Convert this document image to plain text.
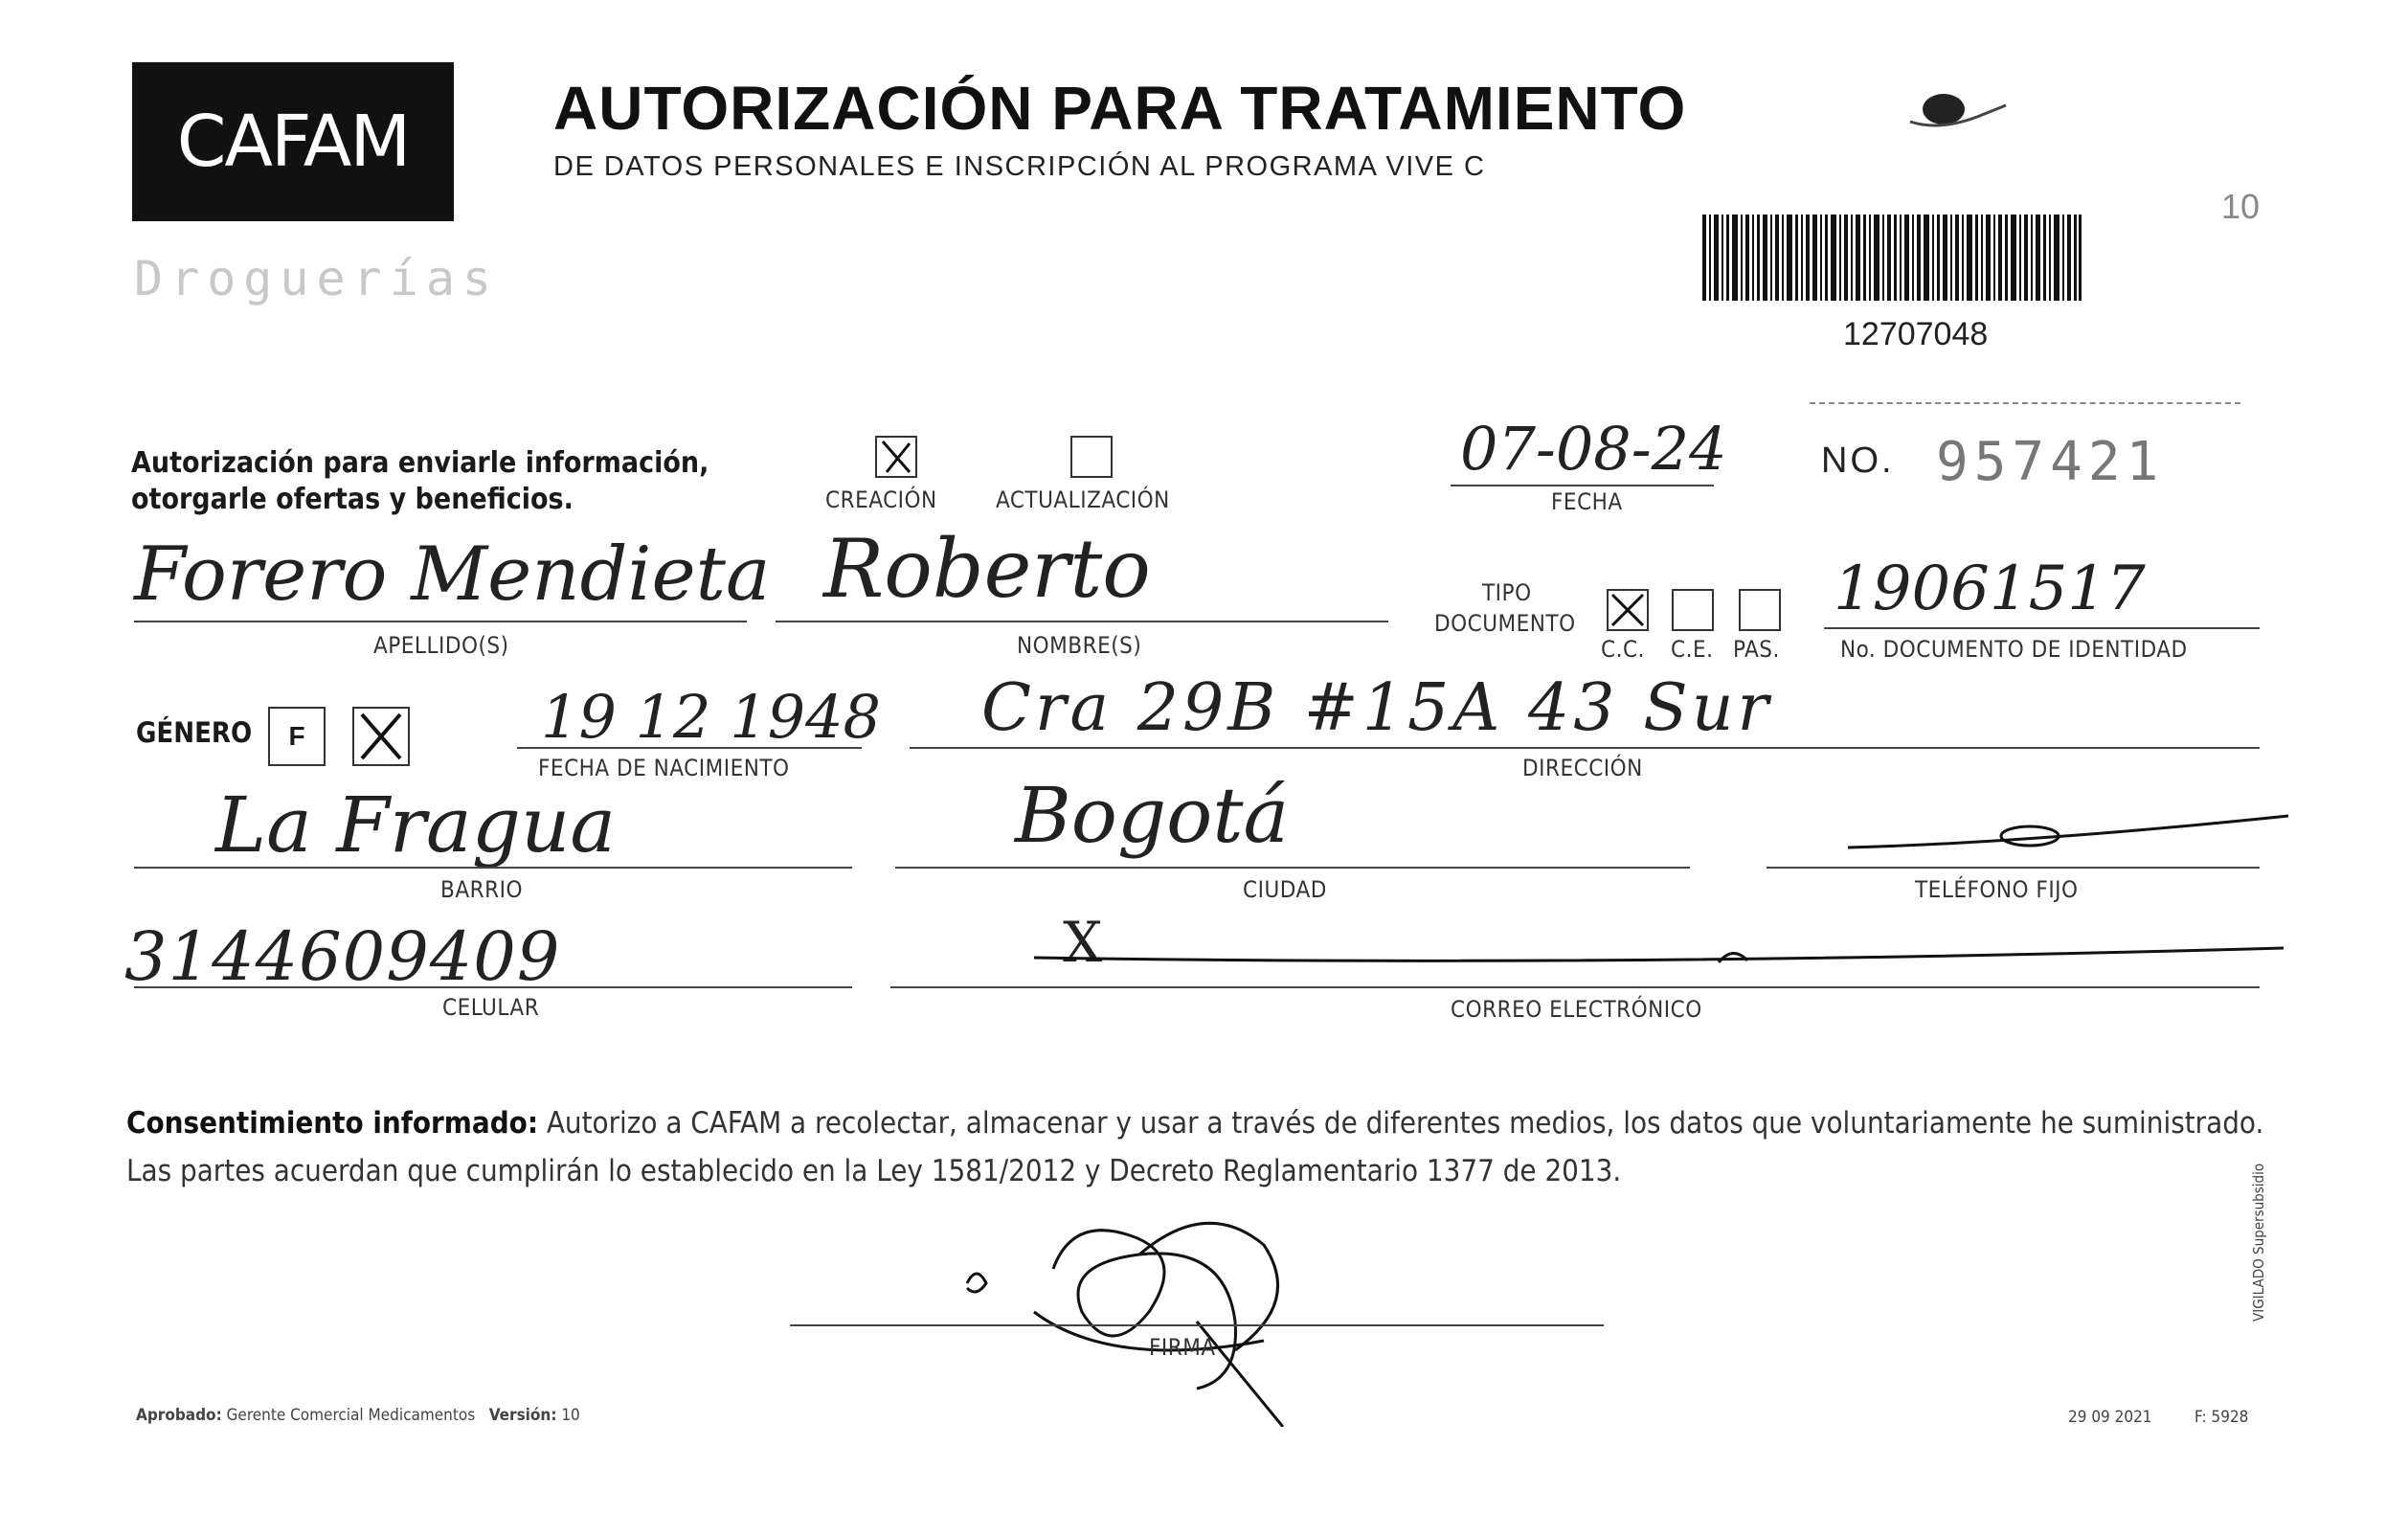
CAFAM	AUTORIZACIÓN PARA TRATAMIENTO
DE DATOS PERSONALES E INSCRIPCIÓN AL PROGRAMA VIVE C
Droguerías
10
12707048
Autorización para enviarle información,
otorgarle ofertas y beneficios.	CREACIÓN	ACTUALIZACIÓN
07-08-24
FECHA
NO. 957421
Forero Mendieta
APELLIDO(S)
Roberto
NOMBRE(S)
TIPO
DOCUMENTO
C.C. C.E. PAS.
19061517
No. DOCUMENTO DE IDENTIDAD
GÉNERO	F	19 12 1948
FECHA DE NACIMIENTO
Cra 29B #15A 43 Sur
DIRECCIÓN
La Fragua
BARRIO
Bogotá
CIUDAD	TELÉFONO FIJO
3144609409
CELULAR
X
CORREO ELECTRÓNICO
Consentimiento informado: Autorizo a CAFAM a recolectar, almacenar y usar a través de diferentes medios, los datos que voluntariamente he suministrado. Las partes acuerdan que cumplirán lo establecido en la Ley 1581/2012 y Decreto Reglamentario 1377 de 2013.
FIRMA
Aprobado: Gerente Comercial Medicamentos Versión: 10	29 09 2021	F: 5928
VIGILADO Supersubsidio
